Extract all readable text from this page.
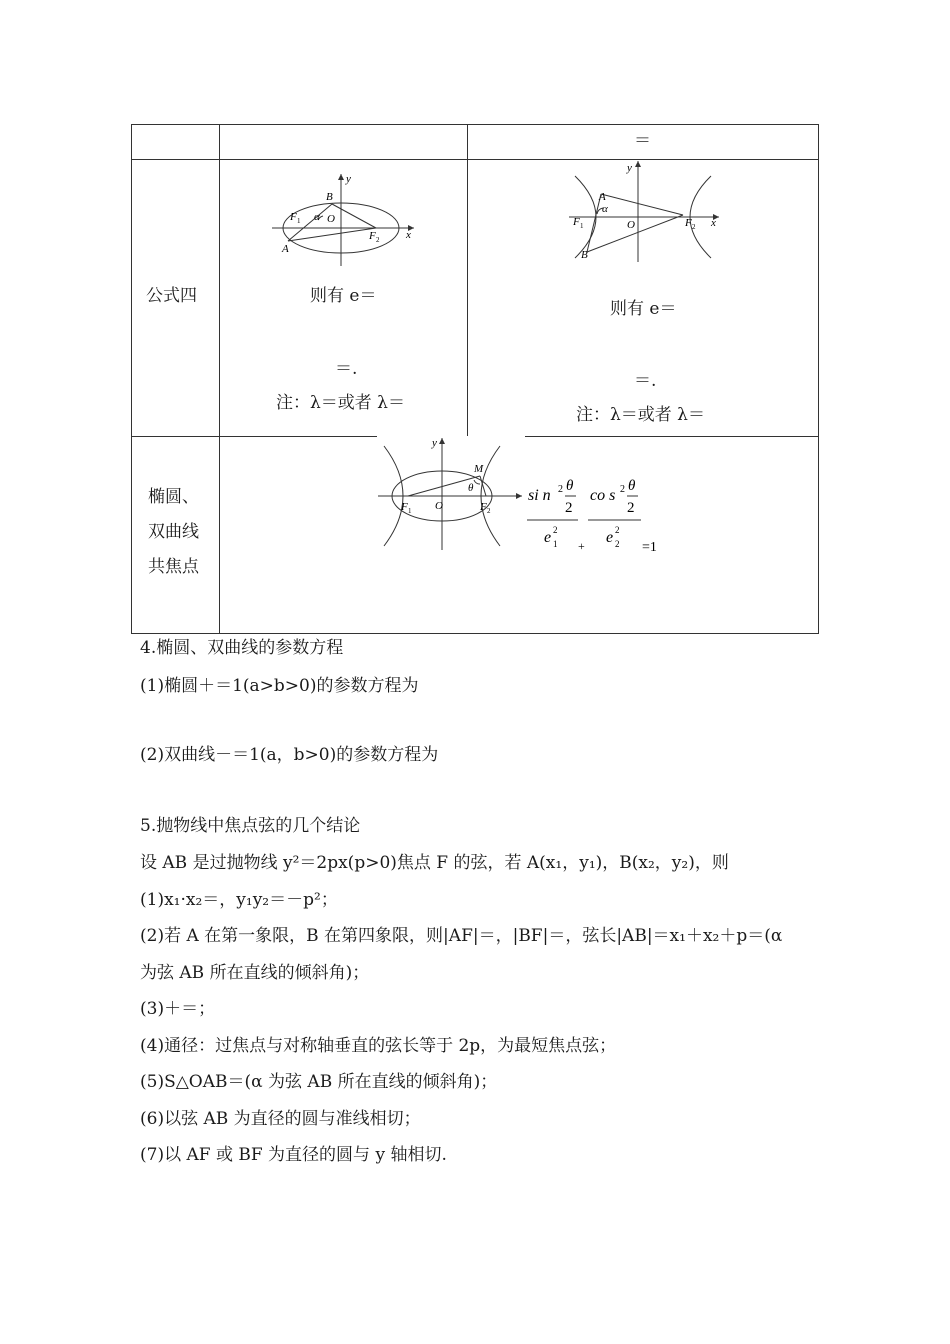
＝
公式四
y
x
B
F 1 α O
A
F 2
则有 e＝
＝.
注：λ＝或者 λ＝
y
x
A
α
O
F 1	F 2
B
则有 e＝
＝.
注：λ＝或者 λ＝
椭圆、
双曲线
共焦点
y
M
θ
F 1 O	F 2
si n 2 θ
2
e 2
1 +
co s 2 θ
2
e 2
2 =1
4.椭圆、双曲线的参数方程
(1)椭圆＋＝1(a>b>0)的参数方程为
(2)双曲线－＝1(a，b>0)的参数方程为
5.抛物线中焦点弦的几个结论
设 AB 是过抛物线 y²＝2px(p>0)焦点 F 的弦，若 A(x₁，y₁)，B(x₂，y₂)，则
(1)x₁·x₂＝，y₁y₂＝－p²；
(2)若 A 在第一象限，B 在第四象限，则|AF|＝，|BF|＝，弦长|AB|＝x₁＋x₂＋p＝(α
为弦 AB 所在直线的倾斜角)；
(3)＋＝；
(4)通径：过焦点与对称轴垂直的弦长等于 2p，为最短焦点弦；
(5)S△OAB＝(α 为弦 AB 所在直线的倾斜角)；
(6)以弦 AB 为直径的圆与准线相切；
(7)以 AF 或 BF 为直径的圆与 y 轴相切.
